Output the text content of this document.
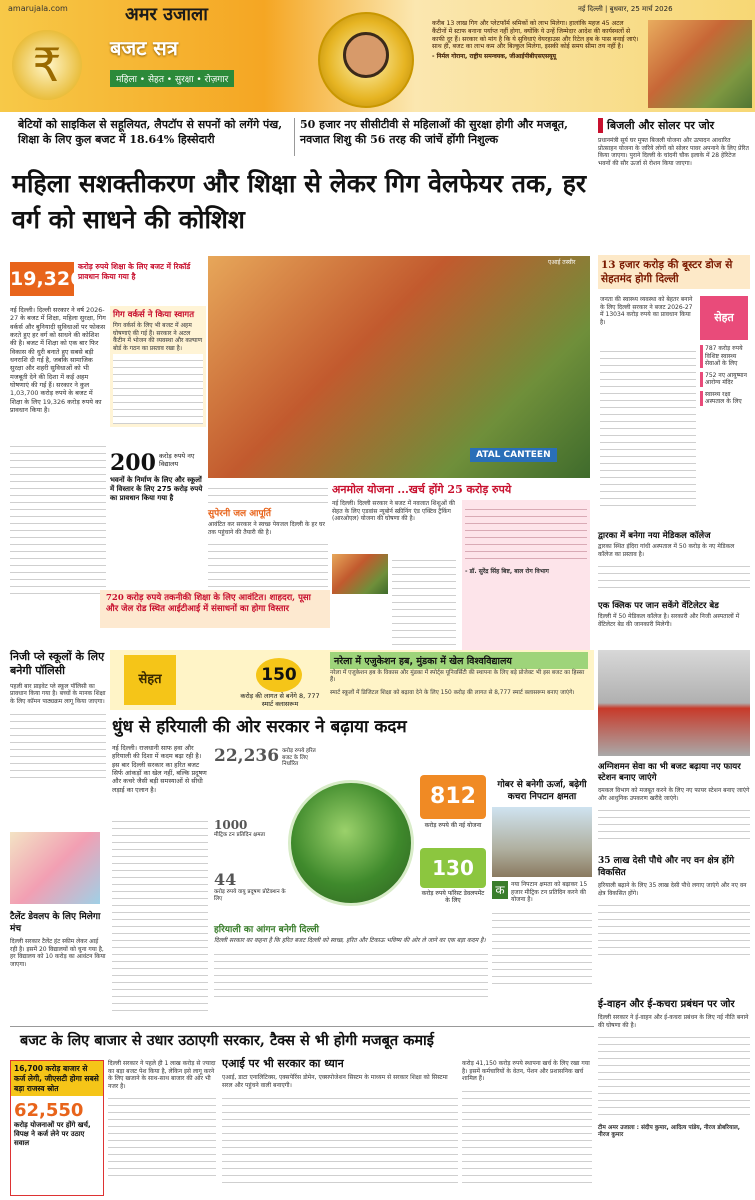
amarujala.com	अमर उजाला	नई दिल्ली | बुधवार, 25 मार्च 2026
₹	बजट सत्र
महिला • सेहत • सुरक्षा • रोज़गार
करीब 13 लाख गिग और प्लेटफॉर्म श्रमिकों को लाभ मिलेगा। हालांकि महज 45 अटल कैंटीनों में स्टाफ बनाना पर्याप्त नहीं होगा, क्योंकि ये उन्हें जिम्मेदार आदेश की कार्यस्थलों से काफी दूर हैं। सरकार को मांग है कि ये सुविधाएं वेयरहाउस और रिटेल हब के पास बनाई जाएं। साथ ही, बजट का लाभ कम और बिल्कुल मिलेगा, इसकी कोई समय सीमा तय नहीं है।
- निर्मल गोराना, राष्ट्रीय समन्वयक, जीआईपीबीएसएसयूयू
बेटियों को साइकिल से सहूलियत, लैपटॉप से सपनों को लगेंगे पंख, शिक्षा के लिए कुल बजट में 18.64% हिस्सेदारी
50 हजार नए सीसीटीवी से महिलाओं की सुरक्षा होगी और मजबूत, नवजात शिशु की 56 तरह की जांचें होंगी निशुल्क
महिला सशक्तीकरण और शिक्षा से लेकर गिग वेलफेयर तक, हर वर्ग को साधने की कोशिश
बिजली और सोलर पर जोर
प्रधानमंत्री सूर्य घर मुफ्त बिजली योजना और उत्पादन आधारित प्रोत्साहन योजना के जरिये लोगों को सोलर पावर अपनाने के लिए प्रेरित किया जाएगा। पुराने दिल्ली के चांदनी चौक इलाके में 28 हेरिटेज भवनों की सौर ऊर्जा से रोशन किया जाएगा।
13 हजार करोड़ की बूस्टर डोज से सेहतमंद होगी दिल्ली
सेहत
जनता की स्वास्थ्य व्यवस्था को बेहतर बनाने के लिए दिल्ली सरकार ने बजट 2026-27 में 13034 करोड़ रुपये का प्रावधान किया है।
787 करोड़ रुपये विशिष्ट स्वास्थ्य सेवाओं के लिए
752 नए आयुष्मान आरोग्य मंदिर
स्वास्थ्य रक्षा अस्पताल के लिए
द्वारका में बनेगा नया मेडिकल कॉलेज
द्वारका स्थित इंदिरा गांधी अस्पताल में 50 करोड़ के नए मेडिकल कॉलेज का प्रस्ताव है।
एक क्लिक पर जान सकेंगे वेंटिलेटर बेड
दिल्ली में 50 मेडिकल कॉलेज है। सरकारी और निजी अस्पतालों में वेंटिलेटर बेड की जानकारी मिलेगी।
19,326
करोड़ रुपये शिक्षा के लिए बजट में रिकॉर्ड प्रावधान किया गया है
नई दिल्ली। दिल्ली सरकार ने वर्ष 2026-27 के बजट में शिक्षा, महिला सुरक्षा, गिग वर्कर्स और बुनियादी सुविधाओं पर फोकस करते हुए हर वर्ग को साधने की कोशिश की है। बजट में शिक्षा को एक बार फिर विकास की धुरी बनाते हुए सबसे बड़ी धनराशि दी गई है, जबकि सामाजिक सुरक्षा और शहरी सुविधाओं को भी मजबूती देने की दिशा में कई अहम घोषणाएं की गई हैं। सरकार ने कुल 1,03,700 करोड़ रुपये के बजट में शिक्षा के लिए 19,326 करोड़ रुपये का प्रावधान किया है।
गिग वर्कर्स ने किया स्वागत
गिग वर्कर्स के लिए भी बजट में अहम घोषणाएं की गई हैं। सरकार ने अटल कैंटीन में भोजन की व्यवस्था और कल्याण बोर्ड के गठन का प्रस्ताव रखा है।
200 करोड़ रुपये नए विद्यालय
भवनों के निर्माण के लिए और स्कूलों में विस्तार के लिए 275 करोड़ रुपये का प्रावधान किया गया है
एआई तस्वीर
ATAL CANTEEN
सुपेरनी जल आपूर्ति
आवंटित कर सरकार ने स्वच्छ पेयजल दिल्ली के हर घर तक पहुंचाने की तैयारी की है।
अनमोल योजना ...खर्च होंगे 25 करोड़ रुपये
नई दिल्ली। दिल्ली सरकार ने बजट में नवजात शिशुओं की सेहत के लिए एडवांस न्यूबोर्न स्क्रीनिंग एंड एक्टिव ट्रैकिंग (आरओएल) योजना की घोषणा की है।
- डॉ. सुरेंद्र सिंह बिष्ट, बाल रोग विभाग
720 करोड़ रुपये तकनीकी शिक्षा के लिए आवंटित। शाहदरा, पूसा और जेल रोड स्थित आईटीआई में संसाधनों का होगा विस्तार
निजी प्ले स्कूलों के लिए बनेगी पॉलिसी
पहली बार प्राइवेट प्ले स्कूल पॉलिसी का प्रावधान किया गया है। बच्चों के मानक शिक्षा के लिए कॉमन पाठ्यक्रम लागू किया जाएगा।
टैलेंट डेवलप के लिए मिलेगा मंच
दिल्ली सरकार टैलेंट हंट स्कीम लेकर आई रही है। इसमें 20 विद्यालयों को चुना गया है, हर विद्यालय को 10 करोड़ का आवंटन किया जाएगा।
सेहत	150
करोड़ की लागत से बनेंगे 8, 777 स्मार्ट क्लासरूम
नरेला में एजुकेशन हब, मुंडका में खेल विश्वविद्यालय
नरेला में एजुकेशन हब के विकास और मुंडका में स्पोर्ट्स यूनिवर्सिटी की स्थापना के लिए बड़े प्रोजेक्ट भी इस बजट का हिस्सा हैं।
स्मार्ट स्कूलों में डिजिटल शिक्षा को बढ़ावा देने के लिए 150 करोड़ की लागत से 8,777 स्मार्ट क्लासरूम बनाए जाएंगे।
धुंध से हरियाली की ओर सरकार ने बढ़ाया कदम
नई दिल्ली। राजधानी साफ हवा और हरियाली की दिशा में कदम बढ़ा रही है। इस बार दिल्ली सरकार का हरित बजट सिर्फ आंकड़ों का खेल नहीं, बल्कि प्रदूषण और कचरे जैसी बड़ी समस्याओं से सीधी लड़ाई का एलान है।
22,236 करोड़ रुपये हरित बजट के लिए निर्धारित
1000
मीट्रिक टन प्रतिदिन क्षमता
44
करोड़ रुपये वायु प्रदूषण प्रोटेक्शन के लिए
812
करोड़ रुपये की नई योजना
130
करोड़ रुपये फॉरेस्ट डेवलपमेंट के लिए
हरियाली का आंगन बनेगी दिल्ली
दिल्ली सरकार का कहना है कि हरित बजट दिल्ली को स्वच्छ, हरित और टिकाऊ भविष्य की ओर ले जाने का एक बड़ा कदम है।
गोबर से बनेगी ऊर्जा, बढ़ेगी कचरा निपटान क्षमता
क	नया निपटान क्षमता को बढ़ाकर 15 हजार मीट्रिक टन प्रतिदिन करने की योजना है।
अग्निशमन सेवा का भी बजट बढ़ाया नए फायर स्टेशन बनाए जाएंगे
दमकल विभाग को मजबूत करने के लिए नए फायर स्टेशन बनाए जाएंगे और आधुनिक उपकरण खरीदे जाएंगे।
35 लाख देसी पौधे और नए वन क्षेत्र होंगे विकसित
हरियाली बढ़ाने के लिए 35 लाख देसी पौधे लगाए जाएंगे और नए वन क्षेत्र विकसित होंगे।
ई-वाहन और ई-कचरा प्रबंधन पर जोर
दिल्ली सरकार ने ई-वाहन और ई-कचरा प्रबंधन के लिए नई नीति बनाने की घोषणा की है।
टीम अमर उजाला : संदीप कुमार, आदित्य पांडेय, नीरज डोबरियाल, नीरज कुमार
बजट के लिए बाजार से उधार उठाएगी सरकार, टैक्स से भी होगी मजबूत कमाई
16,700 करोड़ बाजार से कर्ज लेगी, जीएसटी होगा सबसे बड़ा राजस्व स्रोत
62,550
करोड़ योजनाओं पर होंगे खर्च, विपक्ष ने कर्ज लेने पर उठाए सवाल
दिल्ली सरकार ने पहले ही 1 लाख करोड़ से ज्यादा का बड़ा बजट पेश किया है, लेकिन इसे लागू करने के लिए खजाने के साथ-साथ बाजार की ओर भी नजर है।
एआई पर भी सरकार का ध्यान
एआई, डाटा एनालिटिक्स, एक्सपेरिंस डोमेन, एक्सपोजेशन सिस्टम के माध्यम से सरकार शिक्षा को सिस्टमा सरल और पहुंचने वाली बनाएगी।
करोड़ 41,150 करोड़ रुपये स्थापना खर्च के लिए रखा गया है। इसमें कर्मचारियों के वेतन, पेंशन और प्रशासनिक खर्च शामिल हैं।
